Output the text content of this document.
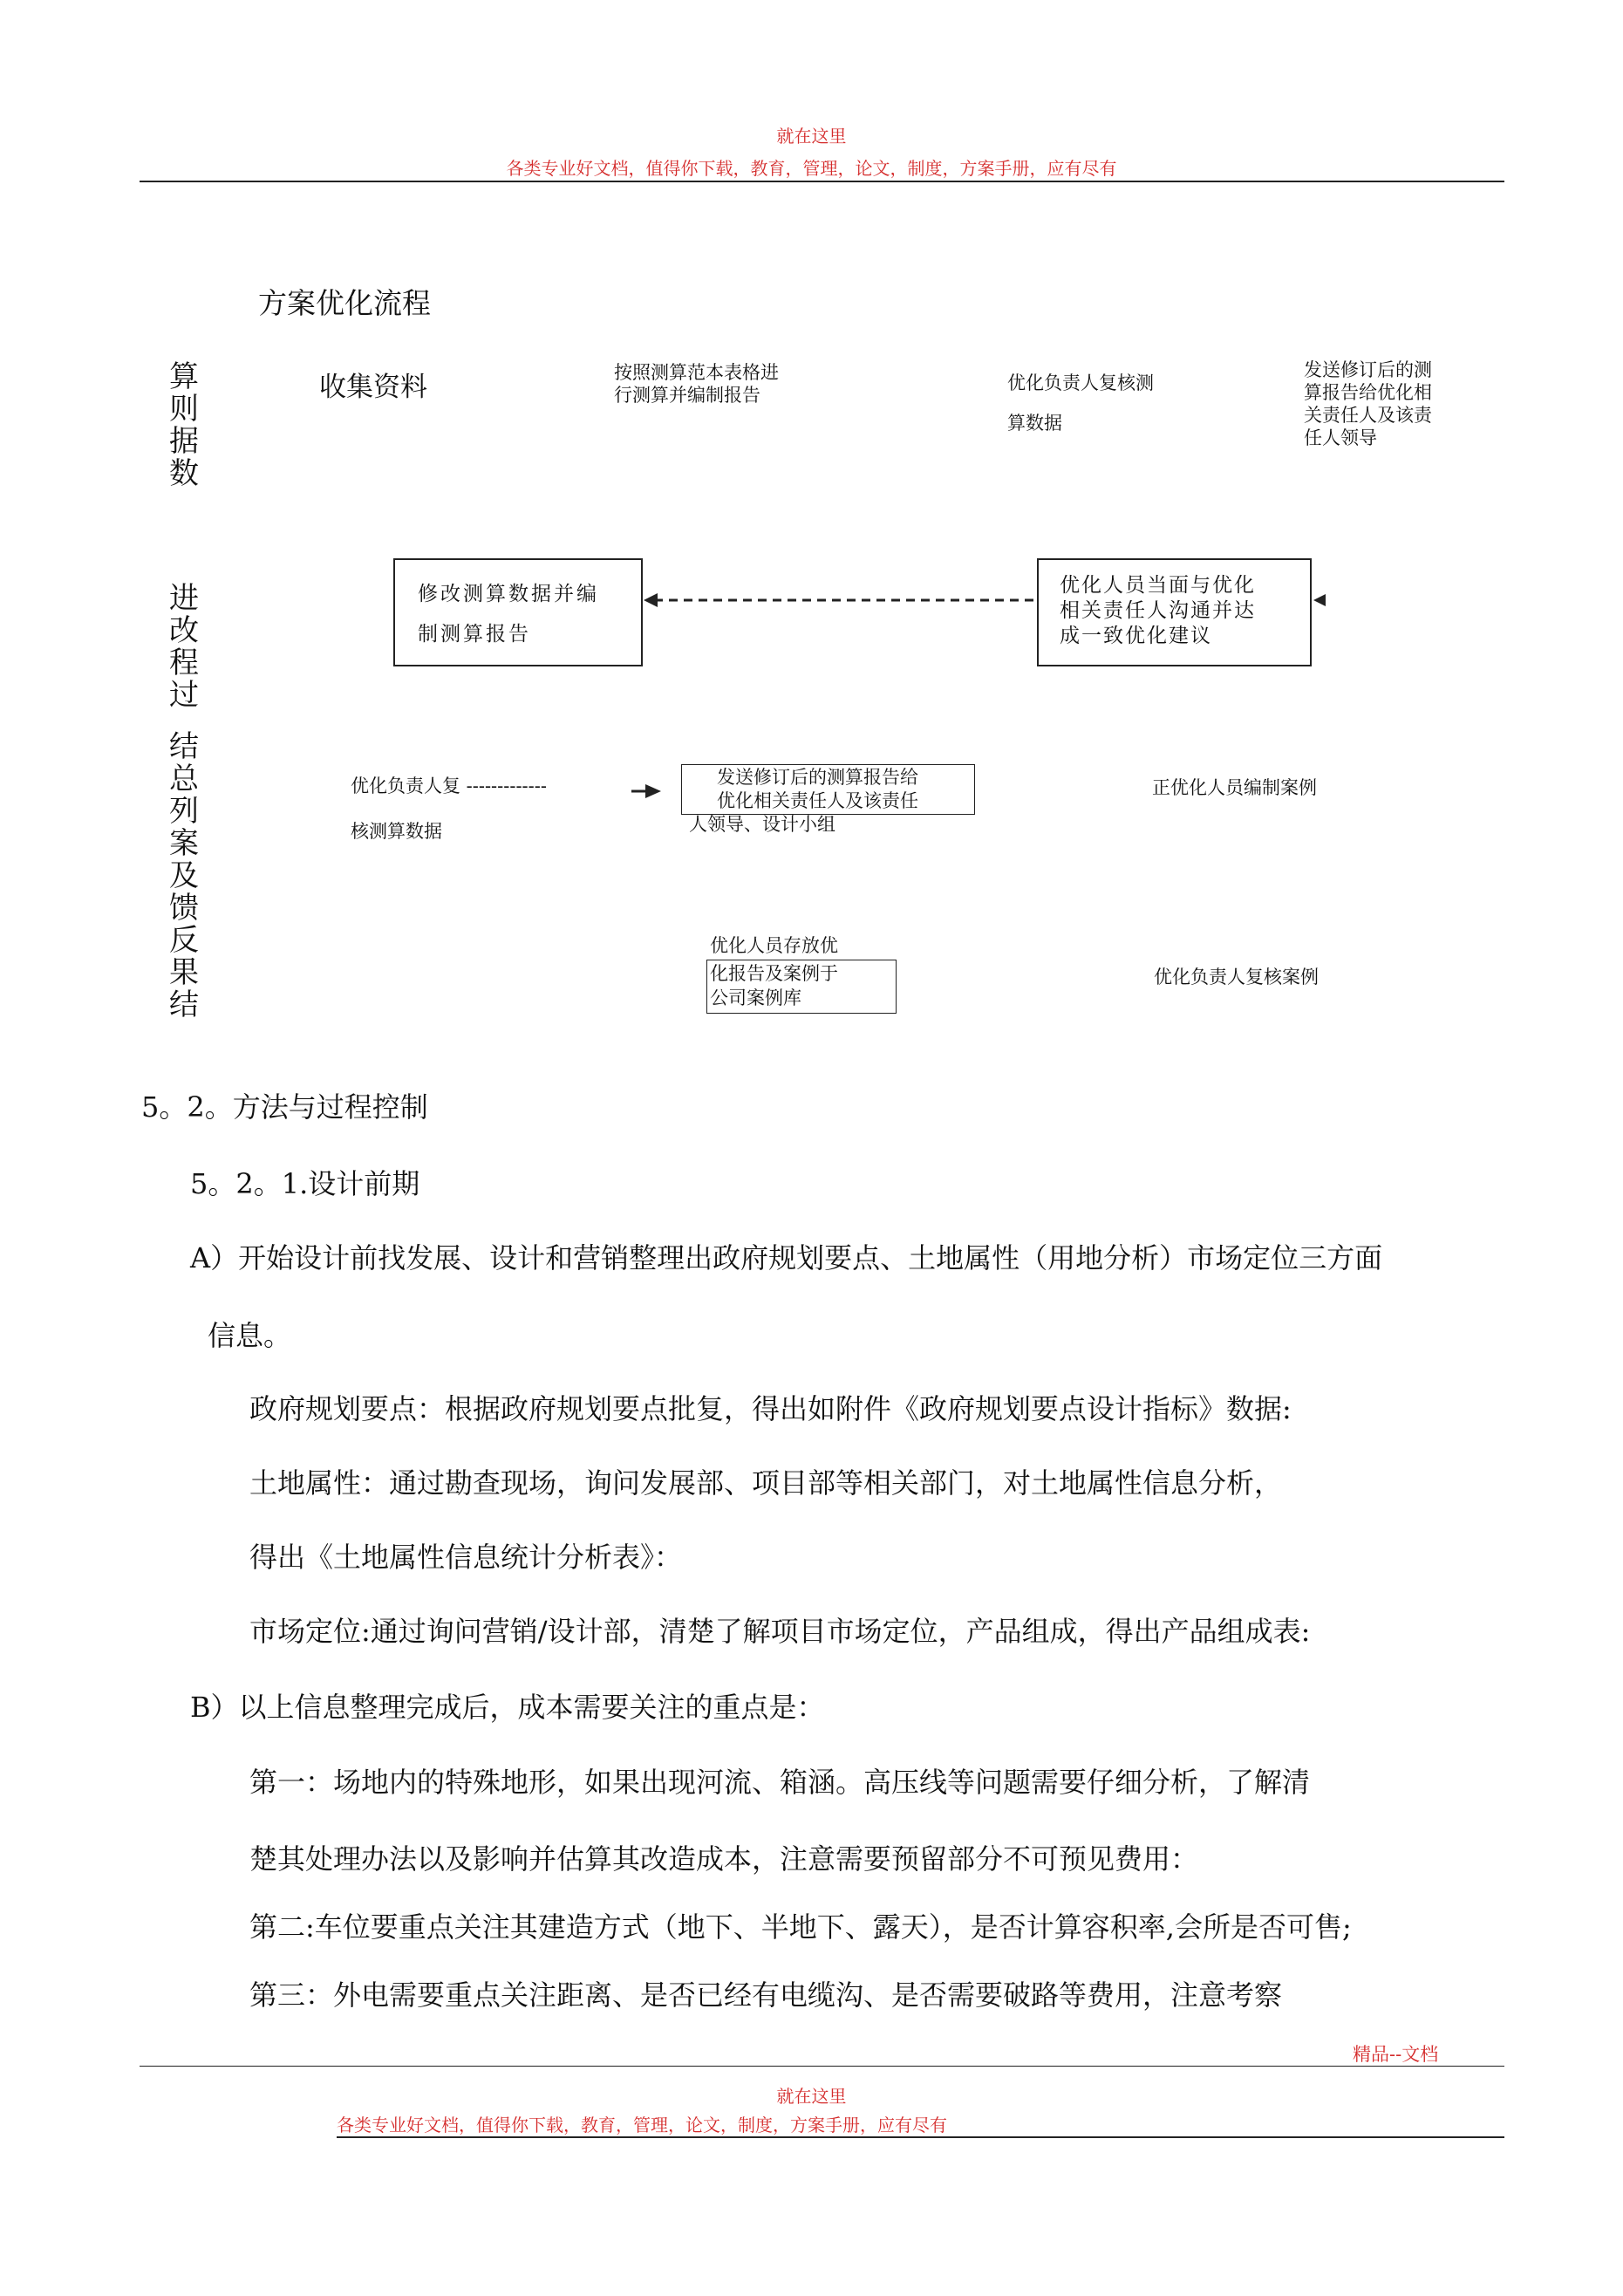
就在这里
各类专业好文档，值得你下载，教育，管理，论文，制度，方案手册，应有尽有
方案优化流程
算则据数
进改程过
结总列案及馈反果结
收集资料	按照测算范本表格进
行测算并编制报告
优化负责人复核测
算数据
发送修订后的测
算报告给优化相
关责任人及该责
任人领导
修改测算数据并编
制测算报告
优化人员当面与优化
相关责任人沟通并达
成一致优化建议
优化负责人复 -------------
核测算数据
发送修订后的测算报告给
优化相关责任人及该责任
人领导、设计小组
正优化人员编制案例
优化人员存放优
化报告及案例于
公司案例库
优化负责人复核案例
5。2。方法与过程控制
5。2。1.设计前期
A）开始设计前找发展、设计和营销整理出政府规划要点、土地属性（用地分析）市场定位三方面
信息。
政府规划要点：根据政府规划要点批复，得出如附件《政府规划要点设计指标》数据:
土地属性：通过勘查现场，询问发展部、项目部等相关部门，对土地属性信息分析，
得出《土地属性信息统计分析表》：
市场定位:通过询问营销/设计部，清楚了解项目市场定位，产品组成，得出产品组成表:
B）以上信息整理完成后，成本需要关注的重点是：
第一：场地内的特殊地形，如果出现河流、箱涵。高压线等问题需要仔细分析，了解清
楚其处理办法以及影响并估算其改造成本，注意需要预留部分不可预见费用：
第二:车位要重点关注其建造方式（地下、半地下、露天），是否计算容积率,会所是否可售;
第三：外电需要重点关注距离、是否已经有电缆沟、是否需要破路等费用，注意考察
精品--文档
就在这里
各类专业好文档，值得你下载，教育，管理，论文，制度，方案手册，应有尽有
